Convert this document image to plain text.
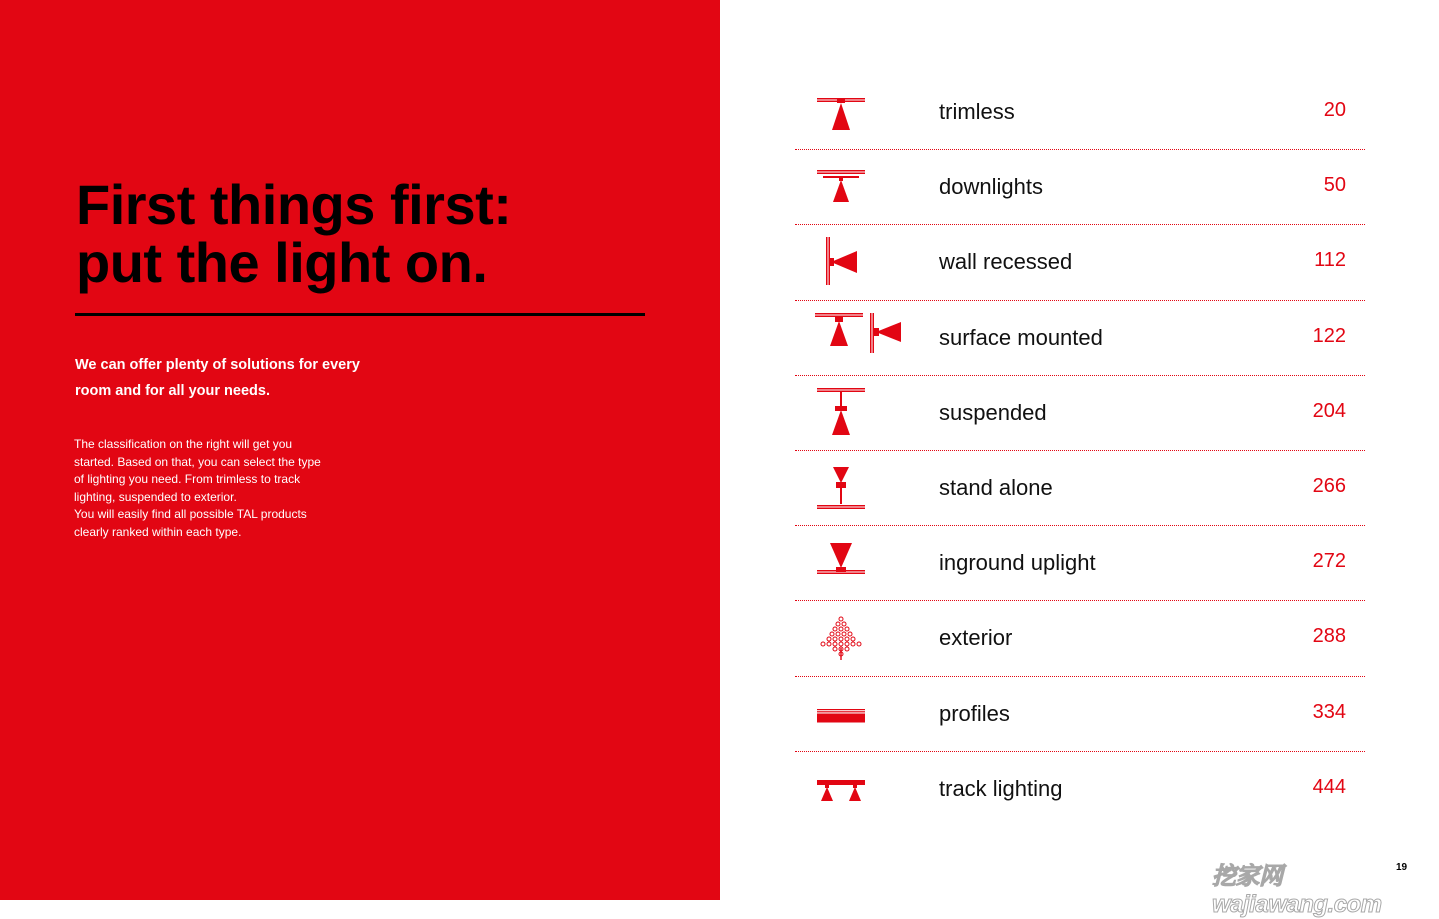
First things first:
put the light on.

We can offer plenty of solutions for every room and for all your needs.

The classification on the right will get you
started. Based on that, you can select the type
of lighting you need. From trimless to track
lighting, suspended to exterior.
You will easily find all possible TAL products
clearly ranked within each type.

trimless	20
downlights	50
wall recessed	112
surface mounted	122
suspended	204
stand alone	266
inground uplight	272
exterior	288
profiles	334
track lighting	444
挖家网 wajiawang.com
19
